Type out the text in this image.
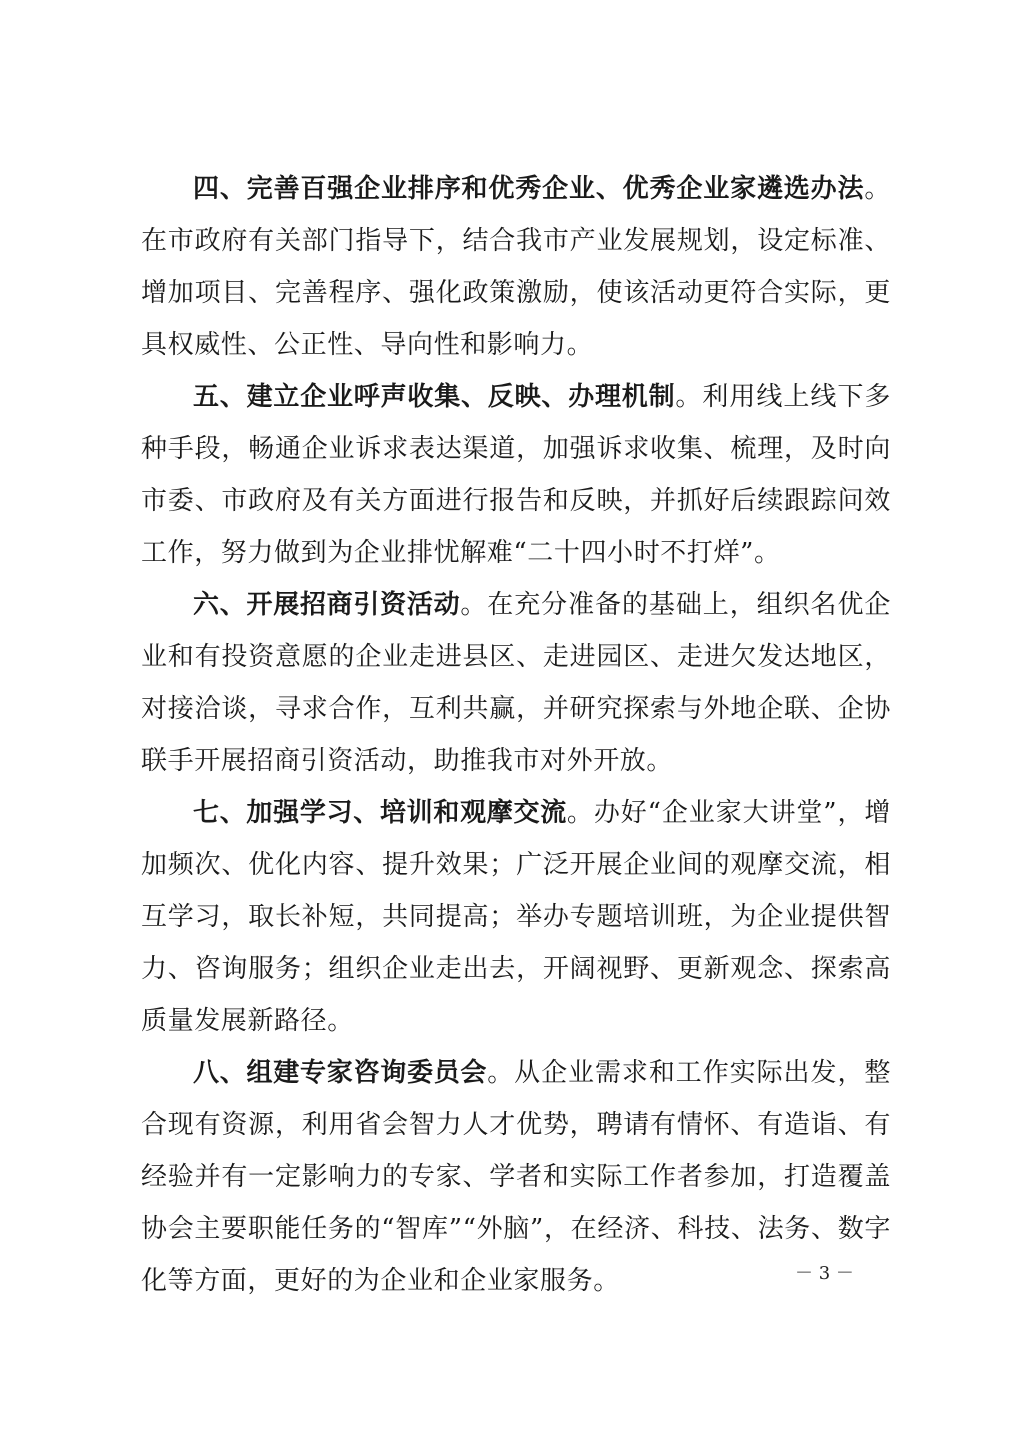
四、完善百强企业排序和优秀企业、优秀企业家遴选办法。在市政府有关部门指导下，结合我市产业发展规划，设定标准、增加项目、完善程序、强化政策激励，使该活动更符合实际，更具权威性、公正性、导向性和影响力。

五、建立企业呼声收集、反映、办理机制。利用线上线下多种手段，畅通企业诉求表达渠道，加强诉求收集、梳理，及时向市委、市政府及有关方面进行报告和反映，并抓好后续跟踪问效工作，努力做到为企业排忧解难“二十四小时不打烊”。

六、开展招商引资活动。在充分准备的基础上，组织名优企业和有投资意愿的企业走进县区、走进园区、走进欠发达地区，对接洽谈，寻求合作，互利共赢，并研究探索与外地企联、企协联手开展招商引资活动，助推我市对外开放。

七、加强学习、培训和观摩交流。办好“企业家大讲堂”，增加频次、优化内容、提升效果；广泛开展企业间的观摩交流，相互学习，取长补短，共同提高；举办专题培训班，为企业提供智力、咨询服务；组织企业走出去，开阔视野、更新观念、探索高质量发展新路径。

八、组建专家咨询委员会。从企业需求和工作实际出发，整合现有资源，利用省会智力人才优势，聘请有情怀、有造诣、有经验并有一定影响力的专家、学者和实际工作者参加，打造覆盖协会主要职能任务的“智库”“外脑”，在经济、科技、法务、数字化等方面，更好的为企业和企业家服务。	－ 3 －
